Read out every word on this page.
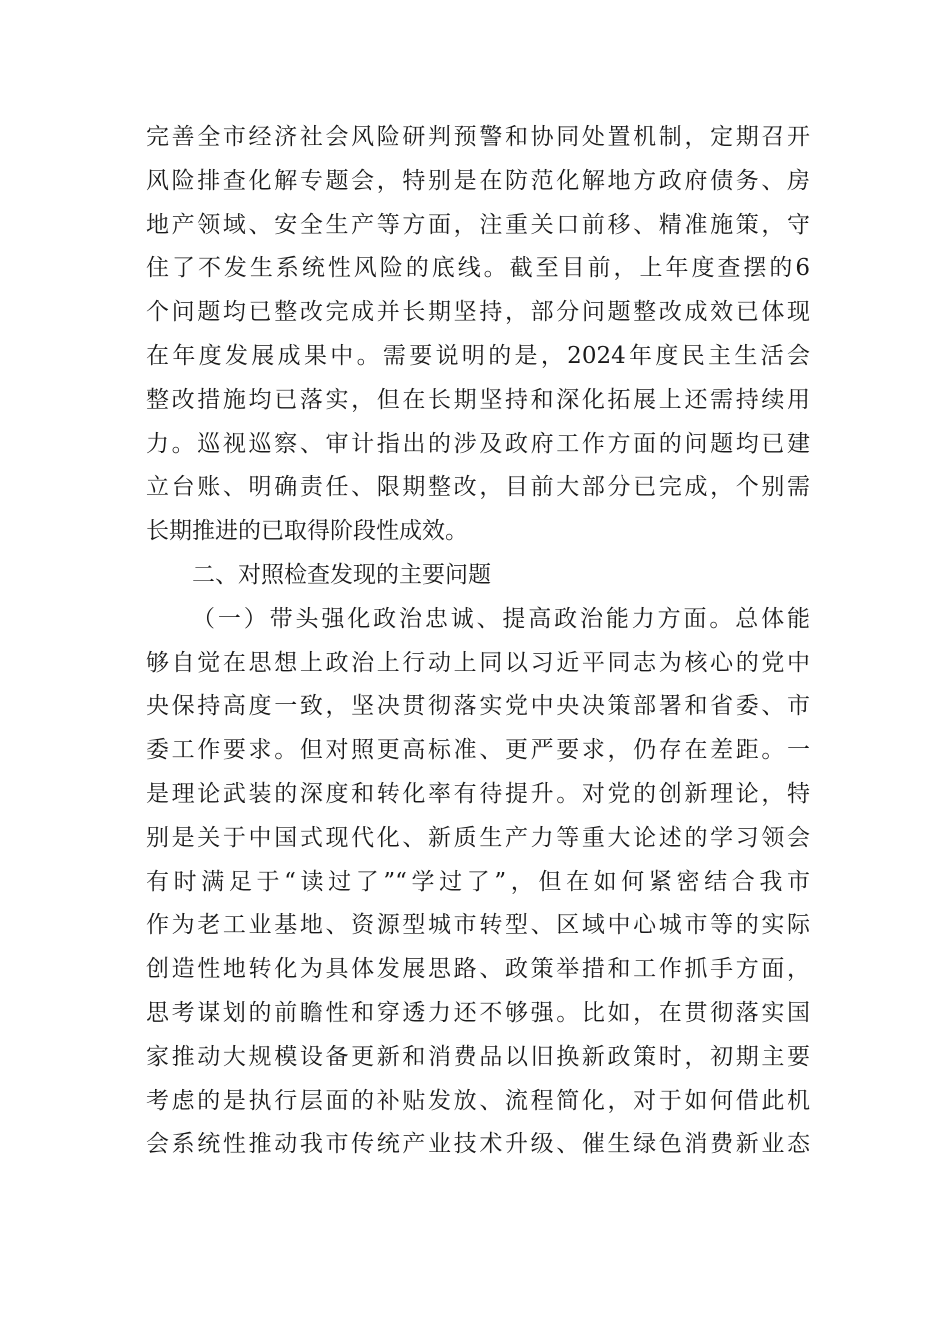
完善全市经济社会风险研判预警和协同处置机制，定期召开
风险排查化解专题会，特别是在防范化解地方政府债务、房
地产领域、安全生产等方面，注重关口前移、精准施策，守
住了不发生系统性风险的底线。截至目前，上年度查摆的6
个问题均已整改完成并长期坚持，部分问题整改成效已体现
在年度发展成果中。需要说明的是，2024年度民主生活会
整改措施均已落实，但在长期坚持和深化拓展上还需持续用
力。巡视巡察、审计指出的涉及政府工作方面的问题均已建
立台账、明确责任、限期整改，目前大部分已完成，个别需
长期推进的已取得阶段性成效。
二、对照检查发现的主要问题
（一）带头强化政治忠诚、提高政治能力方面。总体能
够自觉在思想上政治上行动上同以习近平同志为核心的党中
央保持高度一致，坚决贯彻落实党中央决策部署和省委、市
委工作要求。但对照更高标准、更严要求，仍存在差距。一
是理论武装的深度和转化率有待提升。对党的创新理论，特
别是关于中国式现代化、新质生产力等重大论述的学习领会
有时满足于“读过了”“学过了”，但在如何紧密结合我市
作为老工业基地、资源型城市转型、区域中心城市等的实际
创造性地转化为具体发展思路、政策举措和工作抓手方面，
思考谋划的前瞻性和穿透力还不够强。比如，在贯彻落实国
家推动大规模设备更新和消费品以旧换新政策时，初期主要
考虑的是执行层面的补贴发放、流程简化，对于如何借此机
会系统性推动我市传统产业技术升级、催生绿色消费新业态
